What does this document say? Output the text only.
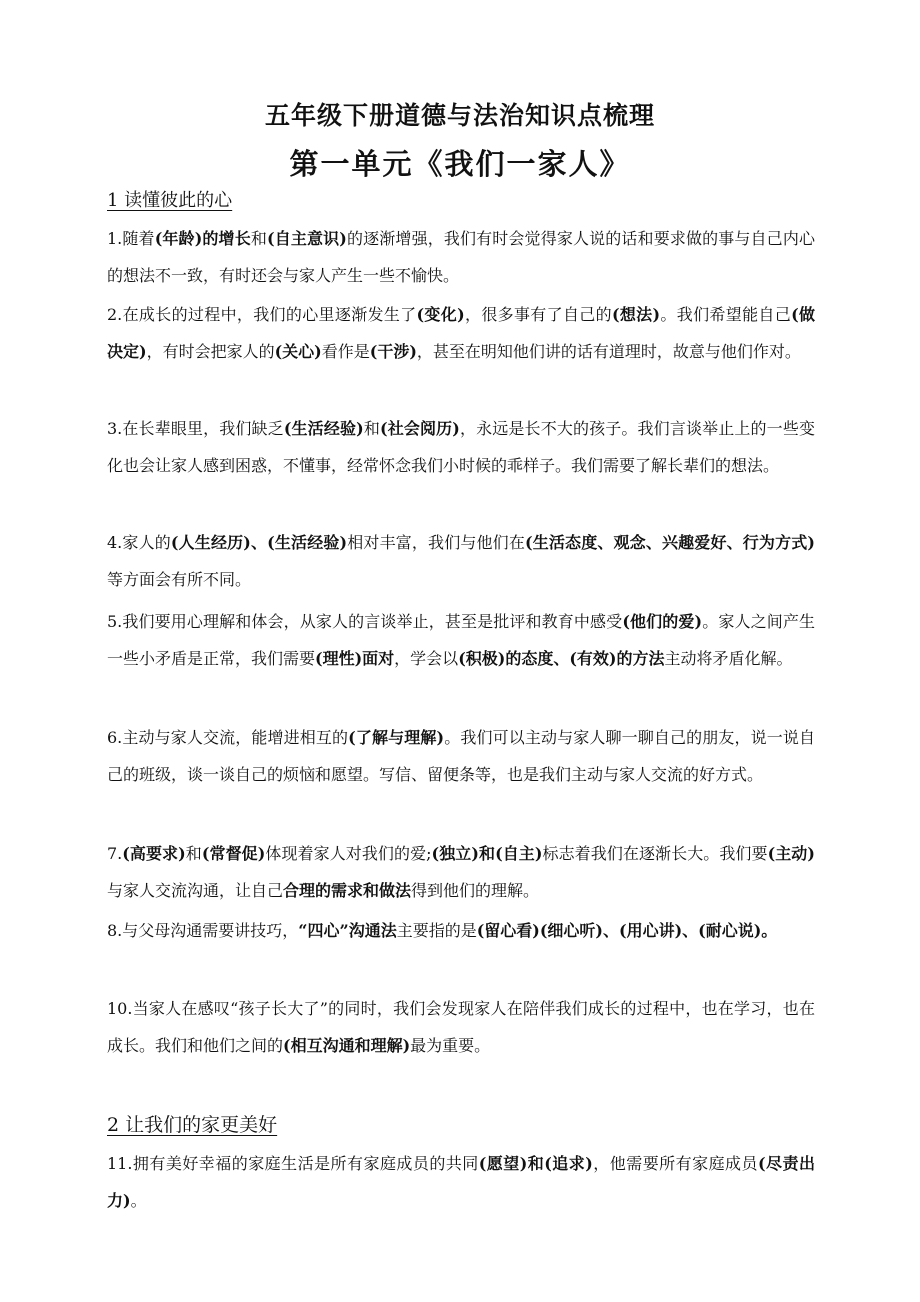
五年级下册道德与法治知识点梳理
第一单元《我们一家人》
1 读懂彼此的心

1.随着(年龄)的增长和(自主意识)的逐渐增强，我们有时会觉得家人说的话和要求做的事与自己内心的想法不一致，有时还会与家人产生一些不愉快。

2.在成长的过程中，我们的心里逐渐发生了(变化)，很多事有了自己的(想法)。我们希望能自己(做决定)，有时会把家人的(关心)看作是(干涉)，甚至在明知他们讲的话有道理时，故意与他们作对。

3.在长辈眼里，我们缺乏(生活经验)和(社会阅历)，永远是长不大的孩子。我们言谈举止上的一些变化也会让家人感到困惑，不懂事，经常怀念我们小时候的乖样子。我们需要了解长辈们的想法。

4.家人的(人生经历)、(生活经验)相对丰富，我们与他们在(生活态度、观念、兴趣爱好、行为方式)等方面会有所不同。

5.我们要用心理解和体会，从家人的言谈举止，甚至是批评和教育中感受(他们的爱)。家人之间产生一些小矛盾是正常，我们需要(理性)面对，学会以(积极)的态度、(有效)的方法主动将矛盾化解。

6.主动与家人交流，能增进相互的(了解与理解)。我们可以主动与家人聊一聊自己的朋友，说一说自己的班级，谈一谈自己的烦恼和愿望。写信、留便条等，也是我们主动与家人交流的好方式。

7.(高要求)和(常督促)体现着家人对我们的爱;(独立)和(自主)标志着我们在逐渐长大。我们要(主动)与家人交流沟通，让自己合理的需求和做法得到他们的理解。

8.与父母沟通需要讲技巧，“四心”沟通法主要指的是(留心看)(细心听)、(用心讲)、(耐心说)。

10.当家人在感叹“孩子长大了”的同时，我们会发现家人在陪伴我们成长的过程中，也在学习，也在成长。我们和他们之间的(相互沟通和理解)最为重要。

2 让我们的家更美好

11.拥有美好幸福的家庭生活是所有家庭成员的共同(愿望)和(追求)，他需要所有家庭成员(尽责出力)。
